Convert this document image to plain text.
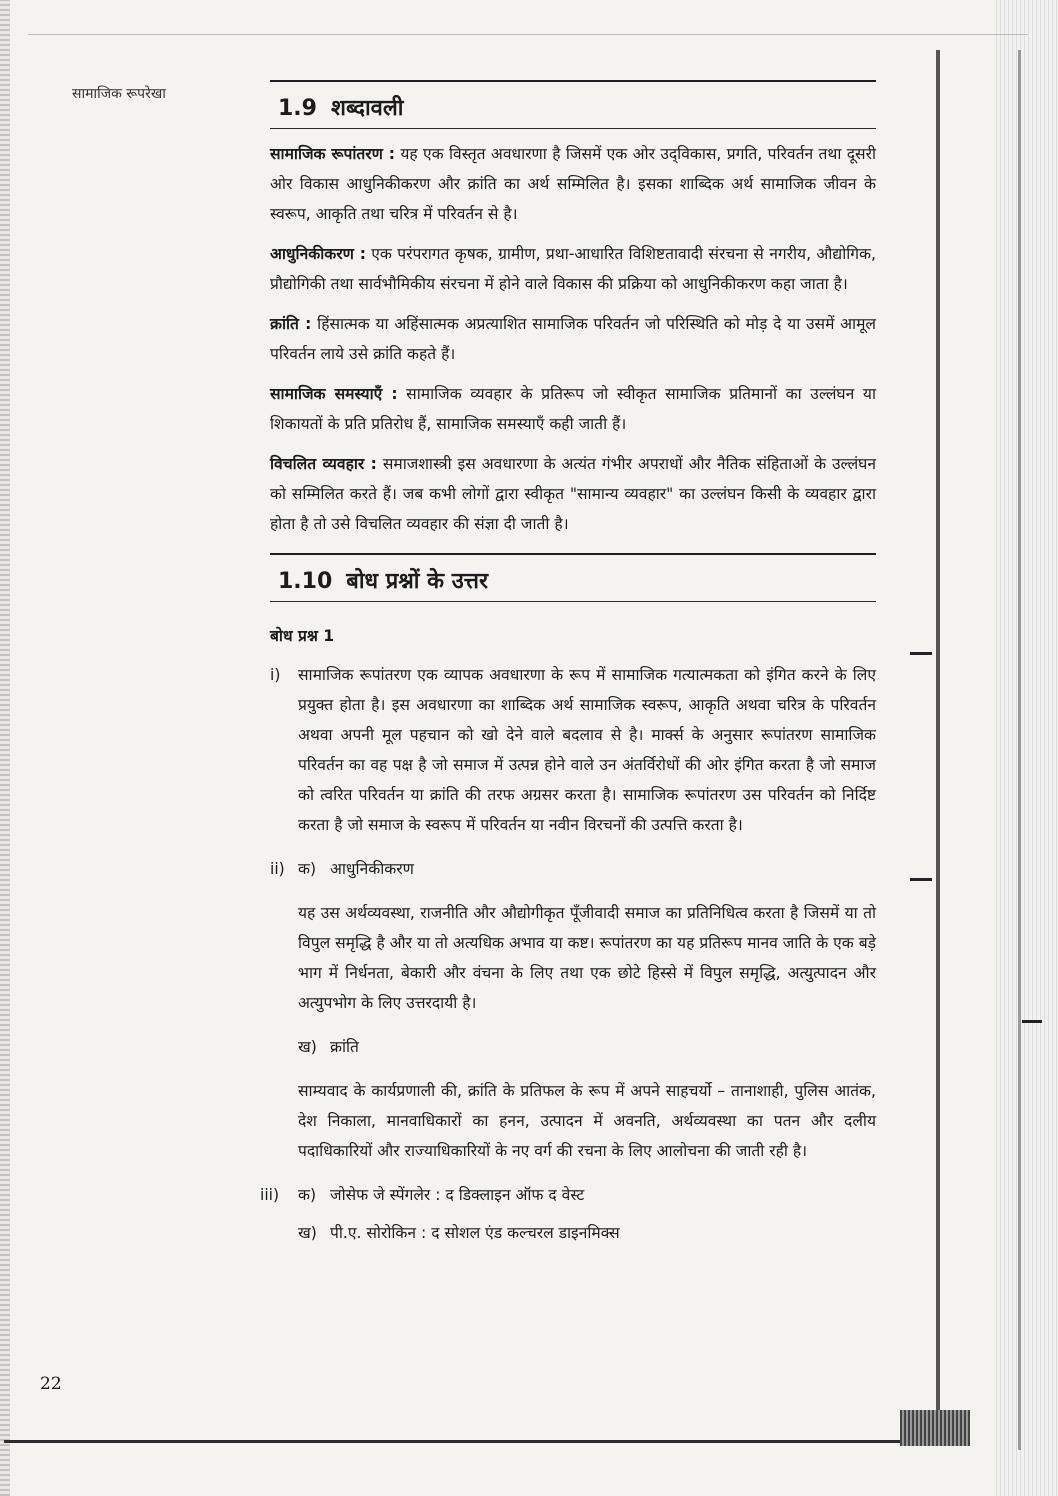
सामाजिक रूपरेखा
1.9 शब्दावली

सामाजिक रूपांतरण : यह एक विस्तृत अवधारणा है जिसमें एक ओर उद्‌विकास, प्रगति, परिवर्तन तथा दूसरी ओर विकास आधुनिकीकरण और क्रांति का अर्थ सम्मिलित है। इसका शाब्दिक अर्थ सामाजिक जीवन के स्वरूप, आकृति तथा चरित्र में परिवर्तन से है।

आधुनिकीकरण : एक परंपरागत कृषक, ग्रामीण, प्रथा-आधारित विशिष्टतावादी संरचना से नगरीय, औद्योगिक, प्रौद्योगिकी तथा सार्वभौमिकीय संरचना में होने वाले विकास की प्रक्रिया को आधुनिकीकरण कहा जाता है।

क्रांति : हिंसात्मक या अहिंसात्मक अप्रत्याशित सामाजिक परिवर्तन जो परिस्थिति को मोड़ दे या उसमें आमूल परिवर्तन लाये उसे क्रांति कहते हैं।

सामाजिक समस्याएँ : सामाजिक व्यवहार के प्रतिरूप जो स्वीकृत सामाजिक प्रतिमानों का उल्लंघन या शिकायतों के प्रति प्रतिरोध हैं, सामाजिक समस्याएँ कही जाती हैं।

विचलित व्यवहार : समाजशास्त्री इस अवधारणा के अत्यंत गंभीर अपराधों और नैतिक संहिताओं के उल्लंघन को सम्मिलित करते हैं। जब कभी लोगों द्वारा स्वीकृत "सामान्य व्यवहार" का उल्लंघन किसी के व्यवहार द्वारा होता है तो उसे विचलित व्यवहार की संज्ञा दी जाती है।

1.10 बोध प्रश्नों के उत्तर
बोध प्रश्न 1
i) सामाजिक रूपांतरण एक व्यापक अवधारणा के रूप में सामाजिक गत्यात्मकता को इंगित करने के लिए प्रयुक्त होता है। इस अवधारणा का शाब्दिक अर्थ सामाजिक स्वरूप, आकृति अथवा चरित्र के परिवर्तन अथवा अपनी मूल पहचान को खो देने वाले बदलाव से है। मार्क्स के अनुसार रूपांतरण सामाजिक परिवर्तन का वह पक्ष है जो समाज में उत्पन्न होने वाले उन अंतर्विरोधों की ओर इंगित करता है जो समाज को त्वरित परिवर्तन या क्रांति की तरफ अग्रसर करता है। सामाजिक रूपांतरण उस परिवर्तन को निर्दिष्ट करता है जो समाज के स्वरूप में परिवर्तन या नवीन विरचनों की उत्पत्ति करता है।
ii) क) आधुनिकीकरण
यह उस अर्थव्यवस्था, राजनीति और औद्योगीकृत पूँजीवादी समाज का प्रतिनिधित्व करता है जिसमें या तो विपुल समृद्धि है और या तो अत्यधिक अभाव या कष्ट। रूपांतरण का यह प्रतिरूप मानव जाति के एक बड़े भाग में निर्धनता, बेकारी और वंचना के लिए तथा एक छोटे हिस्से में विपुल समृद्धि, अत्युत्पादन और अत्युपभोग के लिए उत्तरदायी है।
ख) क्रांति
साम्यवाद के कार्यप्रणाली की, क्रांति के प्रतिफल के रूप में अपने साहचर्यो – तानाशाही, पुलिस आतंक, देश निकाला, मानवाधिकारों का हनन, उत्पादन में अवनति, अर्थव्यवस्था का पतन और दलीय पदाधिकारियों और राज्याधिकारियों के नए वर्ग की रचना के लिए आलोचना की जाती रही है।
iii) क) जोसेफ जे स्पेंगलेर : द डिक्लाइन ऑफ द वेस्ट
ख) पी.ए. सोरोकिन : द सोशल एंड कल्चरल डाइनमिक्स
22
